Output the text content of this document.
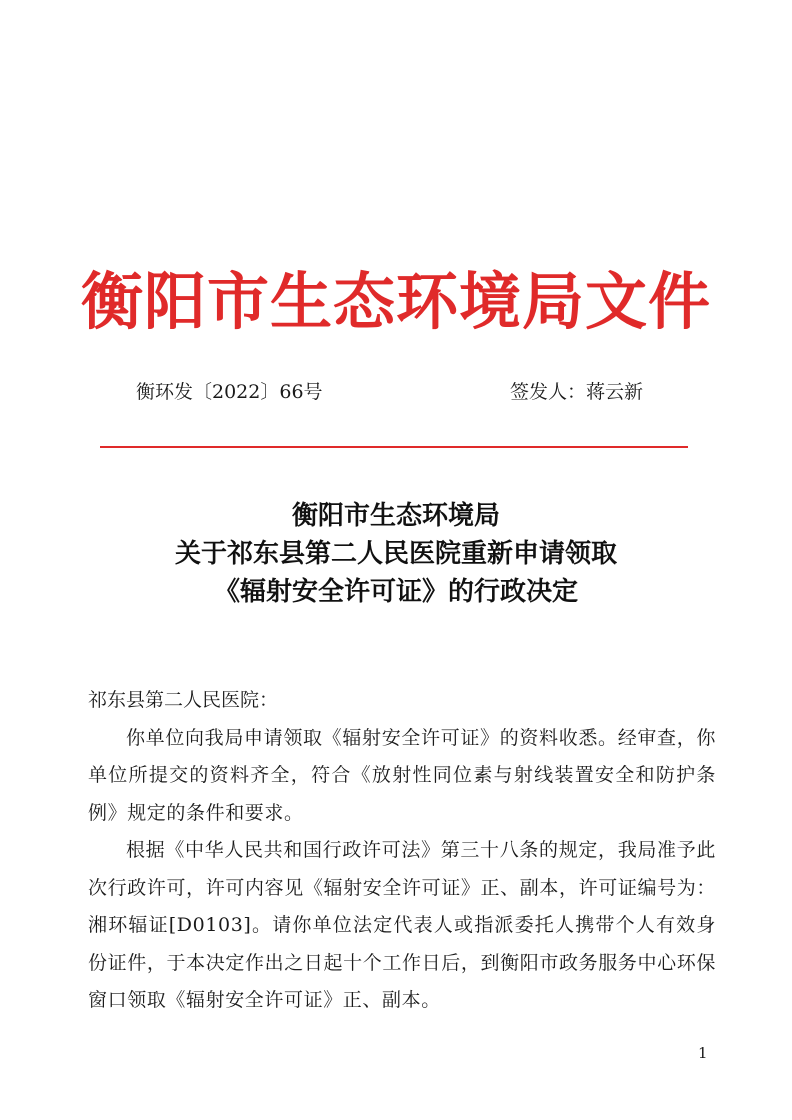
衡阳市生态环境局文件
衡环发〔2022〕66号	签发人：蒋云新
衡阳市生态环境局
关于祁东县第二人民医院重新申请领取
《辐射安全许可证》的行政决定
祁东县第二人民医院：
你单位向我局申请领取《辐射安全许可证》的资料收悉。经审查，你单位所提交的资料齐全，符合《放射性同位素与射线装置安全和防护条例》规定的条件和要求。
根据《中华人民共和国行政许可法》第三十八条的规定，我局准予此次行政许可，许可内容见《辐射安全许可证》正、副本，许可证编号为：湘环辐证[D0103]。请你单位法定代表人或指派委托人携带个人有效身份证件，于本决定作出之日起十个工作日后，到衡阳市政务服务中心环保窗口领取《辐射安全许可证》正、副本。
1
